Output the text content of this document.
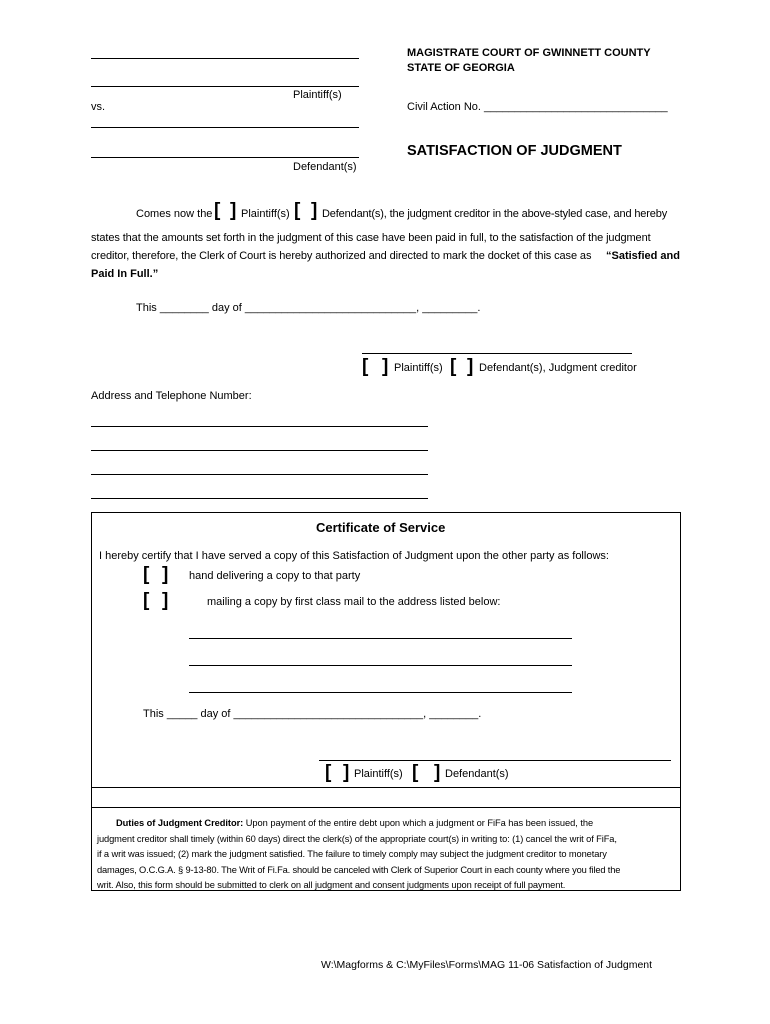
Plaintiff(s)
vs.
Defendant(s)
MAGISTRATE COURT OF GWINNETT COUNTY
STATE OF GEORGIA
Civil Action No. ______________________________
SATISFACTION OF JUDGMENT
Comes now the [ ] Plaintiff(s) [ ] Defendant(s), the judgment creditor in the above-styled case, and hereby
states that the amounts set forth in the judgment of this case have been paid in full, to the satisfaction of the judgment
creditor, therefore, the Clerk of Court is hereby authorized and directed to mark the docket of this case as “Satisfied and
Paid In Full.”
This ________ day of ____________________________, _________.
[ ] Plaintiff(s) [ ] Defendant(s), Judgment creditor
Address and Telephone Number:
Certificate of Service
I hereby certify that I have served a copy of this Satisfaction of Judgment upon the other party as follows:
[ ] hand delivering a copy to that party
[ ]	mailing a copy by first class mail to the address listed below:
This _____ day of _______________________________, ________.
[ ] Plaintiff(s) [ ] Defendant(s)
Duties of Judgment Creditor: Upon payment of the entire debt upon which a judgment or FiFa has been issued, the
judgment creditor shall timely (within 60 days) direct the clerk(s) of the appropriate court(s) in writing to: (1) cancel the writ of FiFa,
if a writ was issued; (2) mark the judgment satisfied. The failure to timely comply may subject the judgment creditor to monetary
damages, O.C.G.A. § 9-13-80. The Writ of Fi.Fa. should be canceled with Clerk of Superior Court in each county where you filed the
writ. Also, this form should be submitted to clerk on all judgment and consent judgments upon receipt of full payment.
W:\Magforms & C:\MyFiles\Forms\MAG 11-06 Satisfaction of Judgment
